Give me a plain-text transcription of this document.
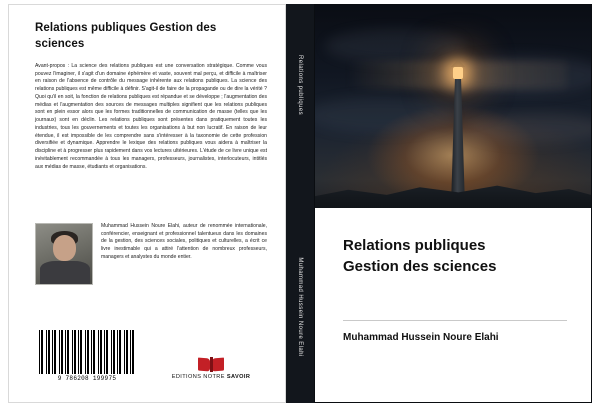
Relations publiques Gestion des sciences
Avant-propos : La science des relations publiques est une conversation stratégique. Comme vous pouvez l'imaginer, il s'agit d'un domaine éphémère et vaste, souvent mal perçu, et difficile à maîtriser en raison de l'absence de contrôle du message inhérente aux relations publiques. La science des relations publiques est même difficile à définir. S'agit-il de faire de la propagande ou de dire la vérité ? Quoi qu'il en soit, la fonction de relations publiques est répandue et se développe ; l'augmentation des médias et l'augmentation des sources de messages multiples signifient que les relations publiques sont en plein essor alors que les formes traditionnelles de communication de masse (telles que les journaux) sont en déclin. Les relations publiques sont présentes dans pratiquement toutes les industries, tous les gouvernements et toutes les organisations à but non lucratif. En raison de leur étendue, il est impossible de les comprendre sans s'intéresser à la taxonomie de cette profession diversifiée et dynamique. Apprendre le lexique des relations publiques vous aidera à maîtriser la discipline et à progresser plus rapidement dans vos lectures ultérieures. L'étude de ce livre unique est inévitablement recommandée à tous les managers, professeurs, journalistes, interlocuteurs, intitlés aux médias de masse, étudiants et organisations.
Muhammad Hussein Noure Elahi, auteur de renommée internationale, conférencier, enseignant et professionnel talentueux dans les domaines de la gestion, des sciences sociales, politiques et culturelles, a écrit ce livre inestimable qui a attiré l'attention de nombreux professeurs, managers et analystes du monde entier.
9 786208 199975	EDITIONS NOTRE SAVOIR
Relations publiques
Muhammad Hussein Noure Elahi
Relations publiques
Gestion des sciences
Muhammad Hussein Noure Elahi
